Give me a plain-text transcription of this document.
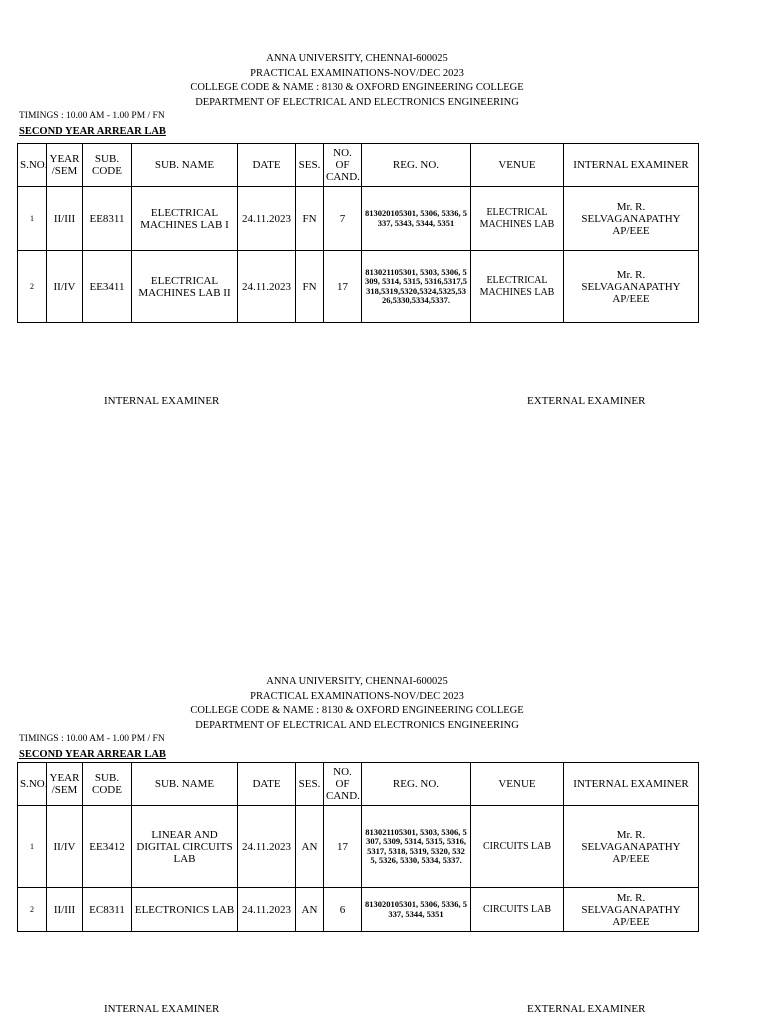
ANNA UNIVERSITY, CHENNAI-600025
PRACTICAL EXAMINATIONS-NOV/DEC 2023
COLLEGE CODE & NAME : 8130 & OXFORD ENGINEERING COLLEGE
DEPARTMENT OF ELECTRICAL AND ELECTRONICS ENGINEERING
TIMINGS : 10.00 AM - 1.00 PM / FN
SECOND YEAR ARREAR LAB
S.NO.	YEAR /SEM	SUB. CODE	SUB. NAME	DATE	SES.	NO. OF CAND.	REG. NO.	VENUE	INTERNAL EXAMINER
1	II/III	EE8311	ELECTRICAL MACHINES LAB I	24.11.2023	FN	7	813020105301, 5306, 5336, 5337, 5343, 5344, 5351	ELECTRICAL MACHINES LAB	Mr. R. SELVAGANAPATHY AP/EEE
2	II/IV	EE3411	ELECTRICAL MACHINES LAB II	24.11.2023	FN	17	813021105301, 5303, 5306, 5309, 5314, 5315, 5316,5317,5318,5319,5320,5324,5325,5326,5330,5334,5337.	ELECTRICAL MACHINES LAB	Mr. R. SELVAGANAPATHY AP/EEE
INTERNAL EXAMINER	EXTERNAL EXAMINER
ANNA UNIVERSITY, CHENNAI-600025
PRACTICAL EXAMINATIONS-NOV/DEC 2023
COLLEGE CODE & NAME : 8130 & OXFORD ENGINEERING COLLEGE
DEPARTMENT OF ELECTRICAL AND ELECTRONICS ENGINEERING
TIMINGS : 10.00 AM - 1.00 PM / FN
SECOND YEAR ARREAR LAB
S.NO.	YEAR /SEM	SUB. CODE	SUB. NAME	DATE	SES.	NO. OF CAND.	REG. NO.	VENUE	INTERNAL EXAMINER
1	II/IV	EE3412	LINEAR AND DIGITAL CIRCUITS LAB	24.11.2023	AN	17	813021105301, 5303, 5306, 5307, 5309, 5314, 5315, 5316, 5317, 5318, 5319, 5320, 5325, 5326, 5330, 5334, 5337.	CIRCUITS LAB	Mr. R. SELVAGANAPATHY AP/EEE
2	II/III	EC8311	ELECTRONICS LAB	24.11.2023	AN	6	813020105301, 5306, 5336, 5337, 5344, 5351	CIRCUITS LAB	Mr. R. SELVAGANAPATHY AP/EEE
INTERNAL EXAMINER	EXTERNAL EXAMINER
